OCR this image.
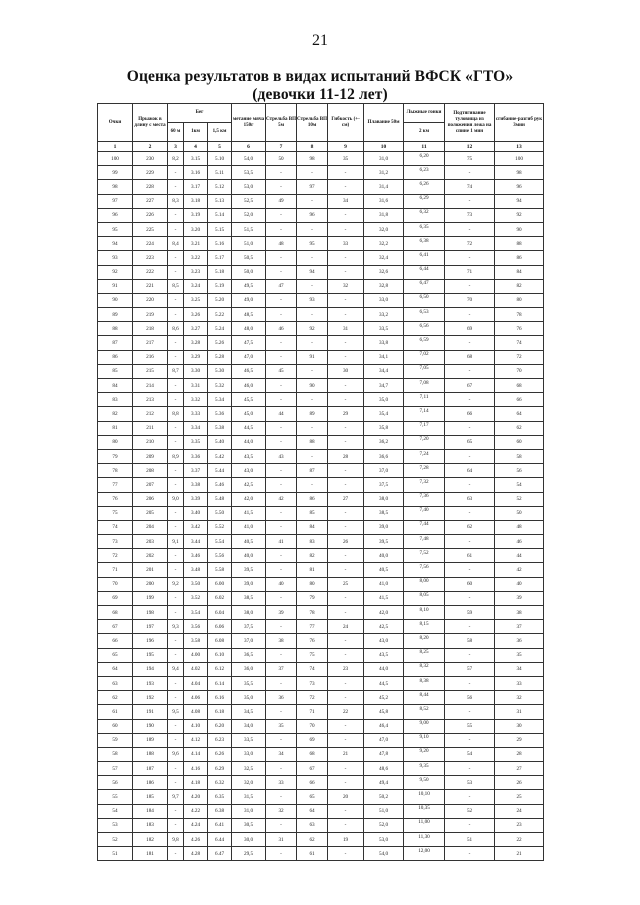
21
Оценка результатов в видах испытаний ВФСК «ГТО»
(девочки 11-12 лет)
Очки	Прыжок в длину с места	Бег			метание мяча 150г	Стрельба ВП 5м	Стрельба ВП 10м	Гибкость (+-см)	Плавание 50м	Лыжные гонки	Подтягивание туловища из положения лежа на спине 1 мин	сгибание-разгиб рук 3мин
		60 м	1км	1,5 км						2 км		
1	2	3	4	5	6	7	8	9	10	11	12	13
100	230	8,2	3.15	5.10	54,0	50	98	35	31,0	6,20	75	100
99	229	-	3.16	5.11	53,5	-	-	-	31,2	6,23	-	98
98	228	-	3.17	5.12	53,0	-	97	-	31,4	6,26	74	96
97	227	8,3	3.18	5.13	52,5	49	-	34	31,6	6,29	-	94
96	226	-	3.19	5.14	52,0	-	96	-	31,8	6,32	73	92
95	225	-	3.20	5.15	51,5	-	-	-	32,0	6,35	-	90
94	224	8,4	3.21	5.16	51,0	48	95	33	32,2	6,38	72	88
93	223	-	3.22	5.17	50,5	-	-	-	32,4	6,41	-	86
92	222	-	3.23	5.18	50,0	-	94	-	32,6	6,44	71	84
91	221	8,5	3.24	5.19	49,5	47	-	32	32,8	6,47	-	82
90	220	-	3.25	5.20	49,0	-	93	-	33,0	6,50	70	80
89	219	-	3.26	5.22	48,5	-	-	-	33,2	6,53	-	78
88	218	8,6	3.27	5.24	48,0	46	92	31	33,5	6,56	69	76
87	217	-	3.28	5.26	47,5	-	-	-	33,8	6,59	-	74
86	216	-	3.29	5.28	47,0	-	91	-	34,1	7,02	68	72
85	215	8,7	3.30	5.30	46,5	45	-	30	34,4	7,05	-	70
84	214	-	3.31	5.32	46,0	-	90	-	34,7	7,08	67	68
83	213	-	3.32	5.34	45,5	-	-	-	35,0	7,11	-	66
82	212	8,8	3.33	5.36	45,0	44	89	29	35,4	7,14	66	64
81	211	-	3.34	5.38	44,5	-	-	-	35,8	7,17	-	62
80	210	-	3.35	5.40	44,0	-	88	-	36,2	7,20	65	60
79	209	8,9	3.36	5.42	43,5	43	-	28	36,6	7,24	-	58
78	208	-	3.37	5.44	43,0	-	87	-	37,0	7,28	64	56
77	207	-	3.38	5.46	42,5	-	-	-	37,5	7,32	-	54
76	206	9,0	3.39	5.48	42,0	42	86	27	38,0	7,36	63	52
75	205	-	3.40	5.50	41,5	-	85	-	38,5	7,40	-	50
74	204	-	3.42	5.52	41,0	-	84	-	39,0	7,44	62	48
73	203	9,1	3.44	5.54	40,5	41	83	26	39,5	7,48	-	46
72	202	-	3.46	5.56	40,0	-	82	-	40,0	7,52	61	44
71	201	-	3.48	5.58	39,5	-	81	-	40,5	7,56	-	42
70	200	9,2	3.50	6.00	39,0	40	80	25	41,0	8,00	60	40
69	199	-	3.52	6.02	38,5	-	79	-	41,5	8,05	-	39
68	198	-	3.54	6.04	38,0	39	78	-	42,0	8,10	59	38
67	197	9,3	3.56	6.06	37,5	-	77	24	42,5	8,15	-	37
66	196	-	3.58	6.08	37,0	38	76	-	43,0	8,20	58	36
65	195	-	4.00	6.10	36,5	-	75	-	43,5	8,25	-	35
64	194	9,4	4.02	6.12	36,0	37	74	23	44,0	8,32	57	34
63	193	-	4.04	6.14	35,5	-	73	-	44,5	8,38	-	33
62	192	-	4.06	6.16	35,0	36	72	-	45,2	8,44	56	32
61	191	9,5	4.08	6.18	34,5	-	71	22	45,8	8,52	-	31
60	190	-	4.10	6.20	34,0	35	70	-	46,4	9,00	55	30
59	189	-	4.12	6.23	33,5	-	69	-	47,0	9,10	-	29
58	188	9,6	4.14	6.26	33,0	34	68	21	47,8	9,20	54	28
57	187	-	4.16	6.29	32,5	-	67	-	48,6	9,35	-	27
56	186	-	4.18	6.32	32,0	33	66	-	49,4	9,50	53	26
55	185	9,7	4.20	6.35	31,5	-	65	20	50,2	10,10	-	25
54	184	-	4.22	6.38	31,0	32	64	-	51,0	10,35	52	24
53	183	-	4.24	6.41	30,5	-	63	-	52,0	11,00	-	23
52	182	9,8	4.26	6.44	30,0	31	62	19	53,0	11,30	51	22
51	181	-	4.28	6.47	29,5	-	61	-	54,0	12,00	-	21
